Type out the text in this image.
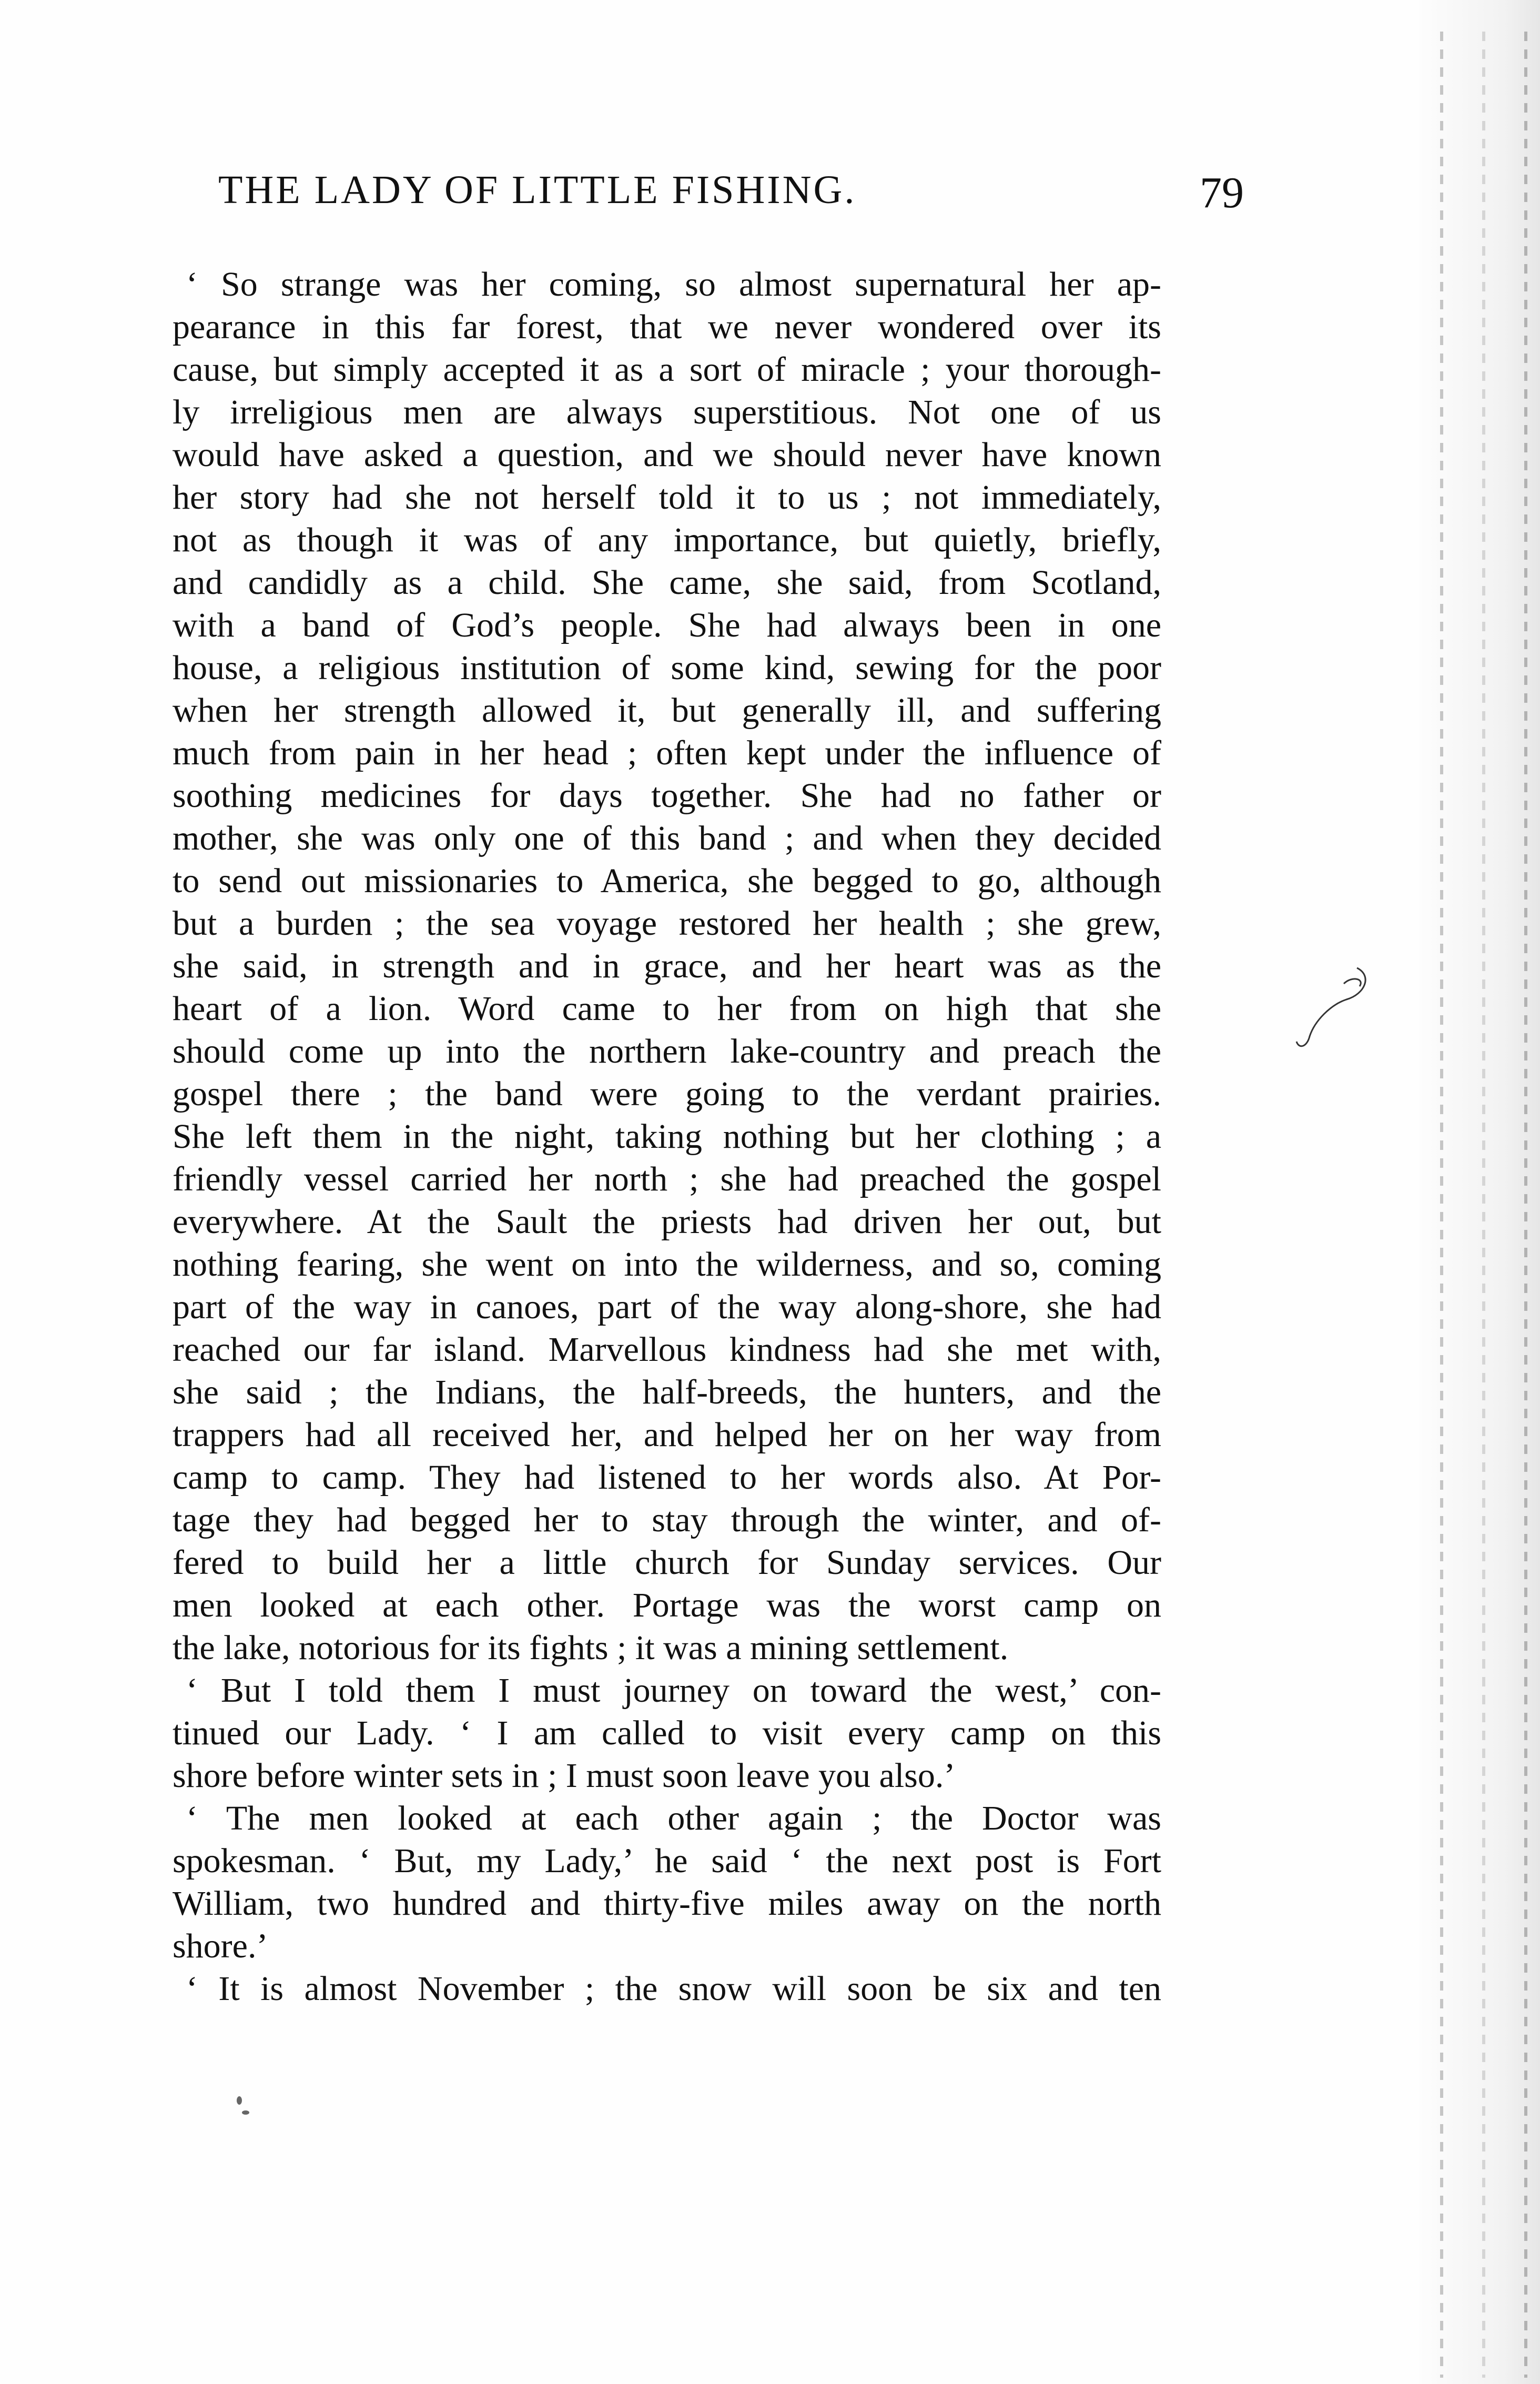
THE LADY OF LITTLE FISHING.	79
‘ So strange was her coming, so almost supernatural her ap-
pearance in this far forest, that we never wondered over its
cause, but simply accepted it as a sort of miracle ; your thorough-
ly irreligious men are always superstitious. Not one of us
would have asked a question, and we should never have known
her story had she not herself told it to us ; not immediately,
not as though it was of any importance, but quietly, briefly,
and candidly as a child. She came, she said, from Scotland,
with a band of God’s people. She had always been in one
house, a religious institution of some kind, sewing for the poor
when her strength allowed it, but generally ill, and suffering
much from pain in her head ; often kept under the influence of
soothing medicines for days together. She had no father or
mother, she was only one of this band ; and when they decided
to send out missionaries to America, she begged to go, although
but a burden ; the sea voyage restored her health ; she grew,
she said, in strength and in grace, and her heart was as the
heart of a lion. Word came to her from on high that she
should come up into the northern lake-country and preach the
gospel there ; the band were going to the verdant prairies.
She left them in the night, taking nothing but her clothing ; a
friendly vessel carried her north ; she had preached the gospel
everywhere. At the Sault the priests had driven her out, but
nothing fearing, she went on into the wilderness, and so, coming
part of the way in canoes, part of the way along-shore, she had
reached our far island. Marvellous kindness had she met with,
she said ; the Indians, the half-breeds, the hunters, and the
trappers had all received her, and helped her on her way from
camp to camp. They had listened to her words also. At Por-
tage they had begged her to stay through the winter, and of-
fered to build her a little church for Sunday services. Our
men looked at each other. Portage was the worst camp on
the lake, notorious for its fights ; it was a mining settlement.
‘ But I told them I must journey on toward the west,’ con-
tinued our Lady. ‘ I am called to visit every camp on this
shore before winter sets in ; I must soon leave you also.’
‘ The men looked at each other again ; the Doctor was
spokesman. ‘ But, my Lady,’ he said ‘ the next post is Fort
William, two hundred and thirty-five miles away on the north
shore.’
‘ It is almost November ; the snow will soon be six and ten
